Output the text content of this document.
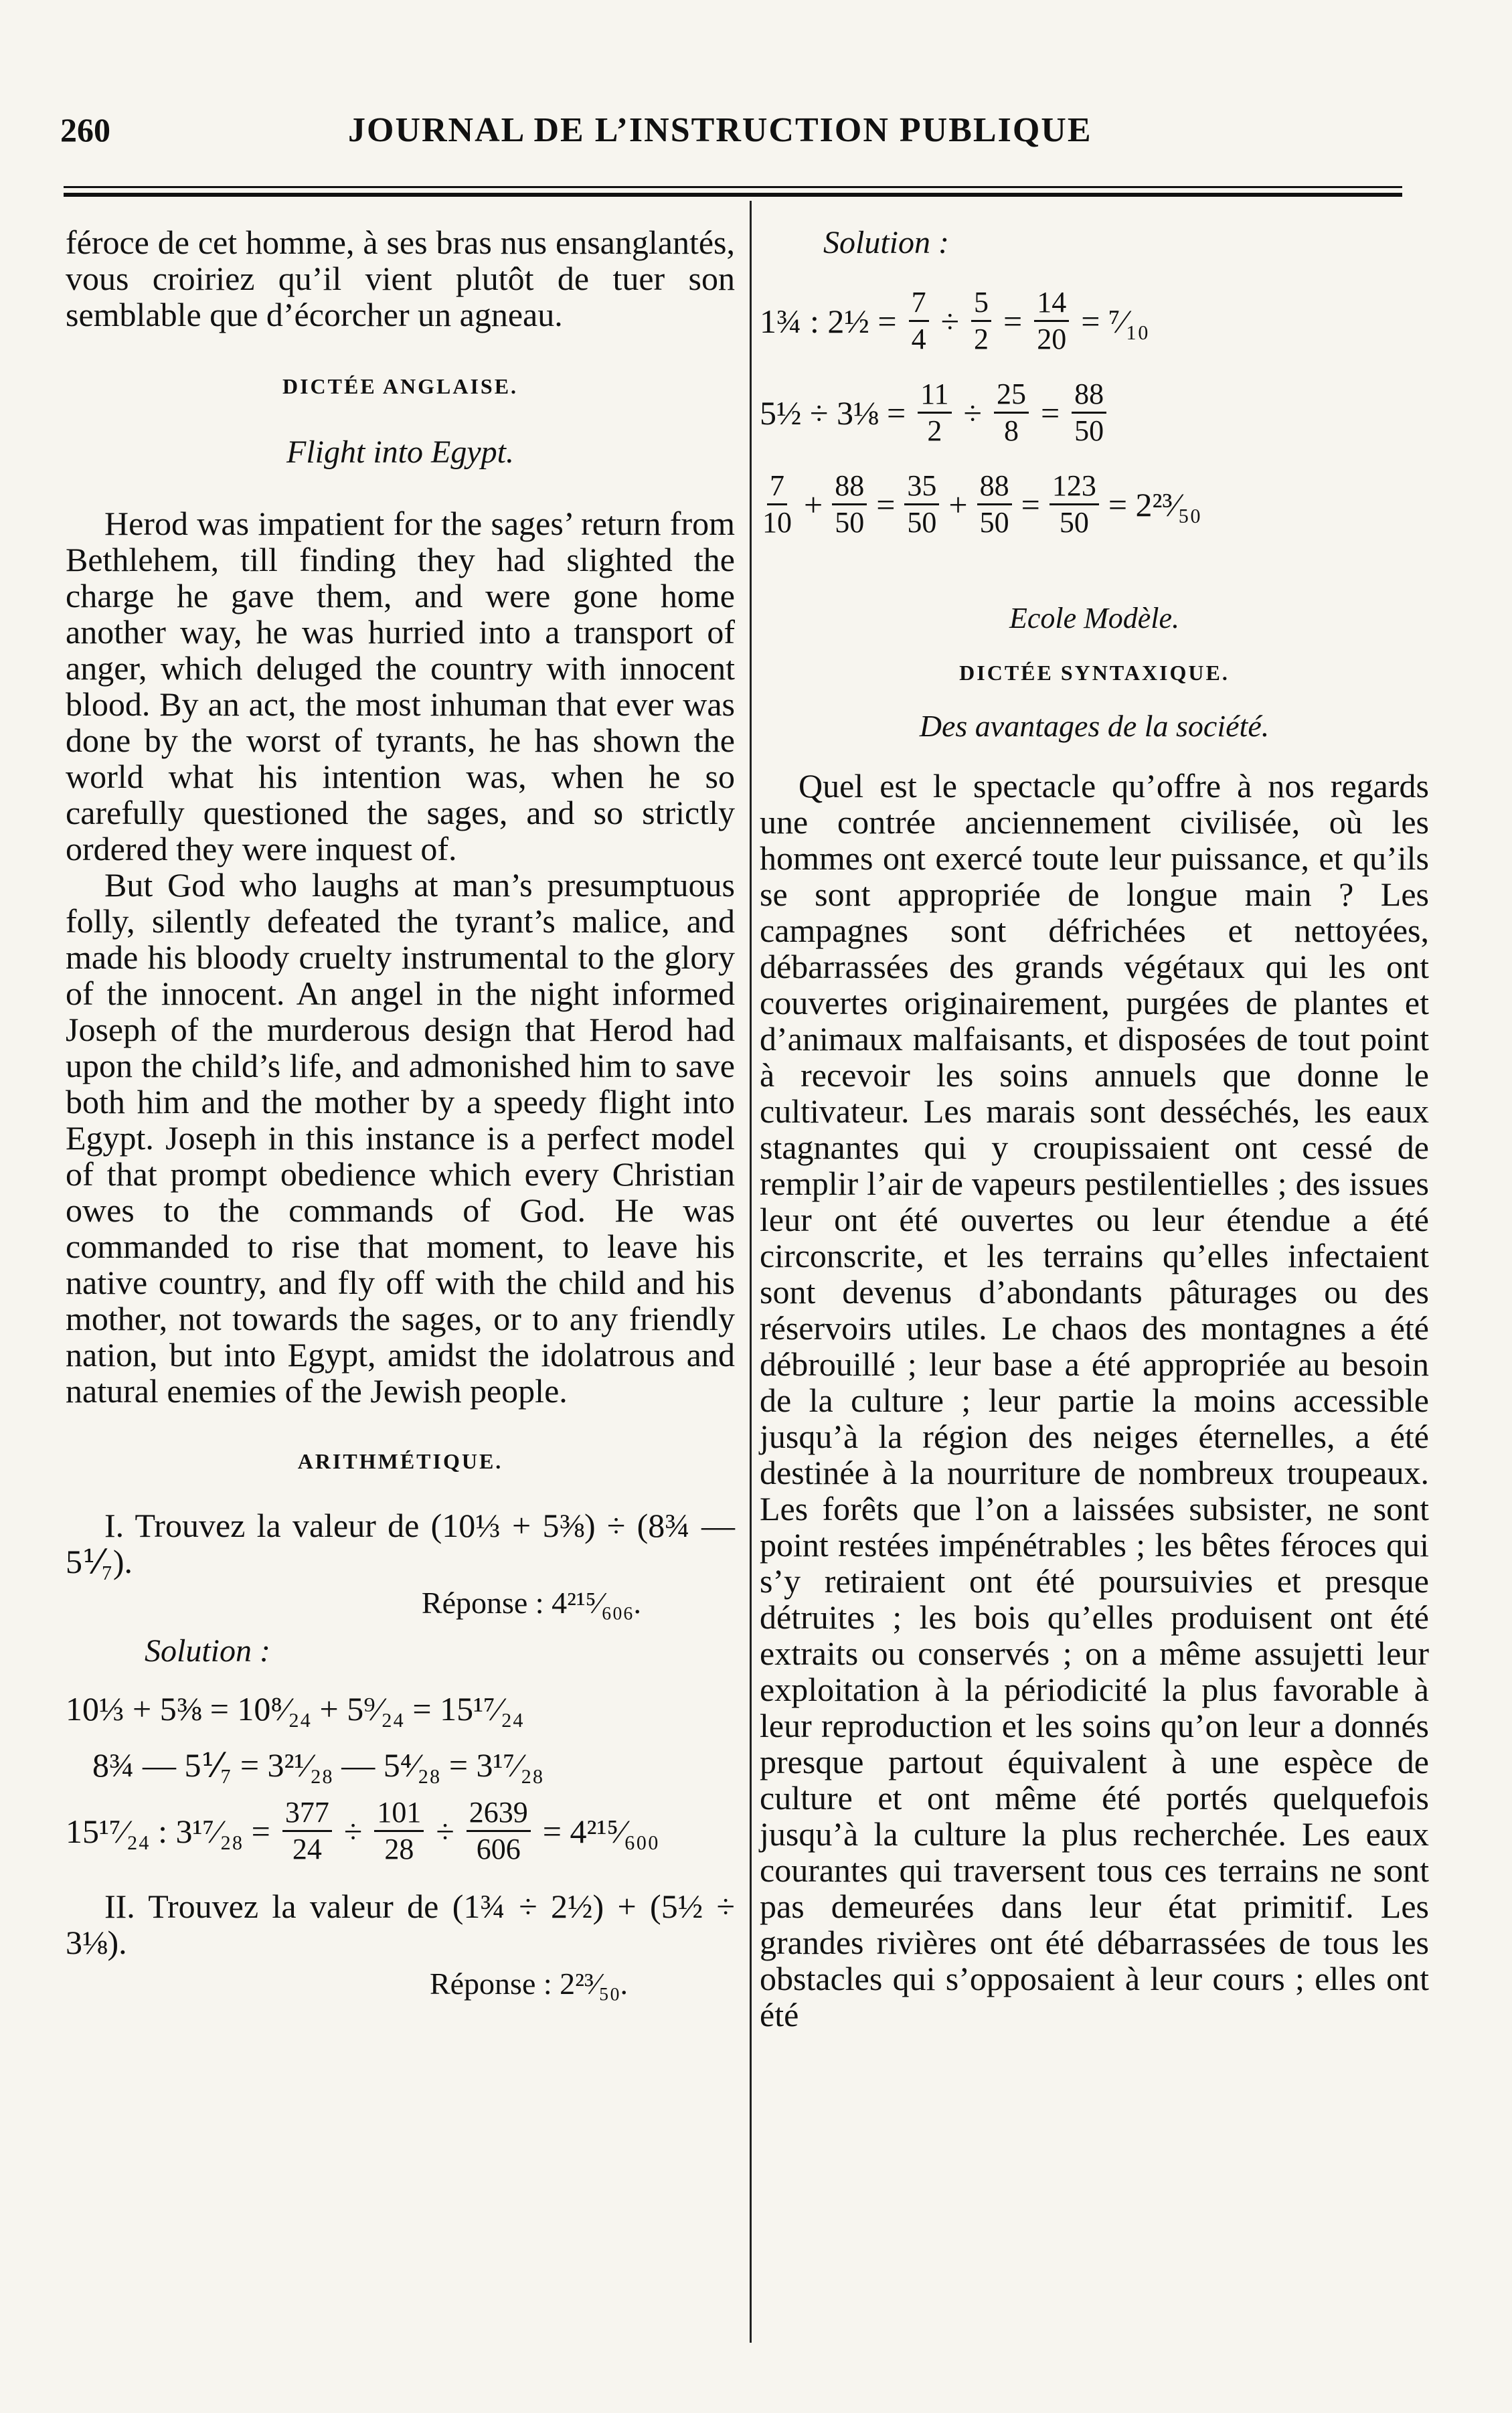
260	JOURNAL DE L’INSTRUCTION PUBLIQUE

féroce de cet homme, à ses bras nus ensanglantés, vous croiriez qu’il vient plutôt de tuer son semblable que d’écorcher un agneau.

DICTÉE ANGLAISE.

Flight into Egypt.

Herod was impatient for the sages’ return from Bethlehem, till finding they had slighted the charge he gave them, and were gone home another way, he was hurried into a transport of anger, which deluged the country with innocent blood. By an act, the most inhuman that ever was done by the worst of tyrants, he has shown the world what his intention was, when he so carefully questioned the sages, and so strictly ordered they were inquest of.

But God who laughs at man’s presumptuous folly, silently defeated the tyrant’s malice, and made his bloody cruelty instrumental to the glory of the innocent. An angel in the night informed Joseph of the murderous design that Herod had upon the child’s life, and admonished him to save both him and the mother by a speedy flight into Egypt. Joseph in this instance is a perfect model of that prompt obedience which every Christian owes to the commands of God. He was commanded to rise that moment, to leave his native country, and fly off with the child and his mother, not towards the sages, or to any friendly nation, but into Egypt, amidst the idolatrous and natural enemies of the Jewish people.

ARITHMÉTIQUE.

I. Trouvez la valeur de (10⅓ + 5⅜) ÷ (8¾ — 5⅟₇).

Réponse : 4²¹⁵⁄₆₀₆.

Solution :

10⅓ + 5⅜ = 10⁸⁄₂₄ + 5⁹⁄₂₄ = 15¹⁷⁄₂₄

8¾ — 5⅟₇ = 3²¹⁄₂₈ — 5⁴⁄₂₈ = 3¹⁷⁄₂₈

15¹⁷⁄₂₄ : 3¹⁷⁄₂₈ = $\frac{377}{24} \div \frac{101}{28} \div \frac{2639}{606}$ = 4²¹⁵⁄₆₀₀

II. Trouvez la valeur de (1¾ ÷ 2½) + (5½ ÷ 3⅛).

Réponse : 2²³⁄₅₀.

Solution :

1¾ : 2½ = $\frac{7}{4} \div \frac{5}{2} = \frac{14}{20}$ = ⁷⁄₁₀
5½ ÷ 3⅛ = $\frac{11}{2} \div \frac{25}{8} = \frac{88}{50}$
$\frac{7}{10} + \frac{88}{50} = \frac{35}{50} + \frac{88}{50} = \frac{123}{50}$ = 2²³⁄₅₀

Ecole Modèle.

DICTÉE SYNTAXIQUE.

Des avantages de la société.

Quel est le spectacle qu’offre à nos regards une contrée anciennement civilisée, où les hommes ont exercé toute leur puissance, et qu’ils se sont appropriée de longue main ? Les campagnes sont défrichées et nettoyées, débarrassées des grands végétaux qui les ont couvertes originairement, purgées de plantes et d’animaux malfaisants, et disposées de tout point à recevoir les soins annuels que donne le cultivateur. Les marais sont desséchés, les eaux stagnantes qui y croupissaient ont cessé de remplir l’air de vapeurs pestilentielles ; des issues leur ont été ouvertes ou leur étendue a été circonscrite, et les terrains qu’elles infectaient sont devenus d’abondants pâturages ou des réservoirs utiles. Le chaos des montagnes a été débrouillé ; leur base a été appropriée au besoin de la culture ; leur partie la moins accessible jusqu’à la région des neiges éternelles, a été destinée à la nourriture de nombreux troupeaux. Les forêts que l’on a laissées subsister, ne sont point restées impénétrables ; les bêtes féroces qui s’y retiraient ont été poursuivies et presque détruites ; les bois qu’elles produisent ont été extraits ou conservés ; on a même assujetti leur exploitation à la périodicité la plus favorable à leur reproduction et les soins qu’on leur a donnés presque partout équivalent à une espèce de culture et ont même été portés quelquefois jusqu’à la culture la plus recherchée. Les eaux courantes qui traversent tous ces terrains ne sont pas demeurées dans leur état primitif. Les grandes rivières ont été débarrassées de tous les obstacles qui s’opposaient à leur cours ; elles ont été
